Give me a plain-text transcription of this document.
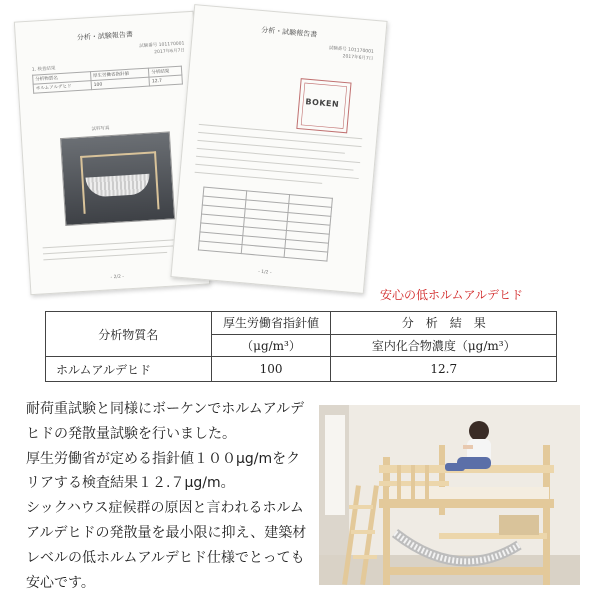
分析・試験報告書
試験番号 101170001
2017年6月7日
1. 検査結果
分析物質名	厚生労働省指針値	分析結果
ホルムアルデヒド	100	12.7
試料写真
- 2/2 -
分析・試験報告書
試験番号 101170001
2017年6月7日
BOKEN

- 1/2 -
安心の低ホルムアルデヒド
分析物質名	厚生労働省指針値	分　析　結　果
	（μg/m³）	室内化合物濃度（μg/m³）
ホルムアルデヒド	100	12.7

耐荷重試験と同様にボーケンでホルムアルデ

ヒドの発散量試験を行いました。

厚生労働省が定める指針値１００μg/mをク

リアする検査結果１２.７μg/m。

シックハウス症候群の原因と言われるホルム

アルデヒドの発散量を最小限に抑え、建築材

レベルの低ホルムアルデヒド仕様でとっても

安心です。
